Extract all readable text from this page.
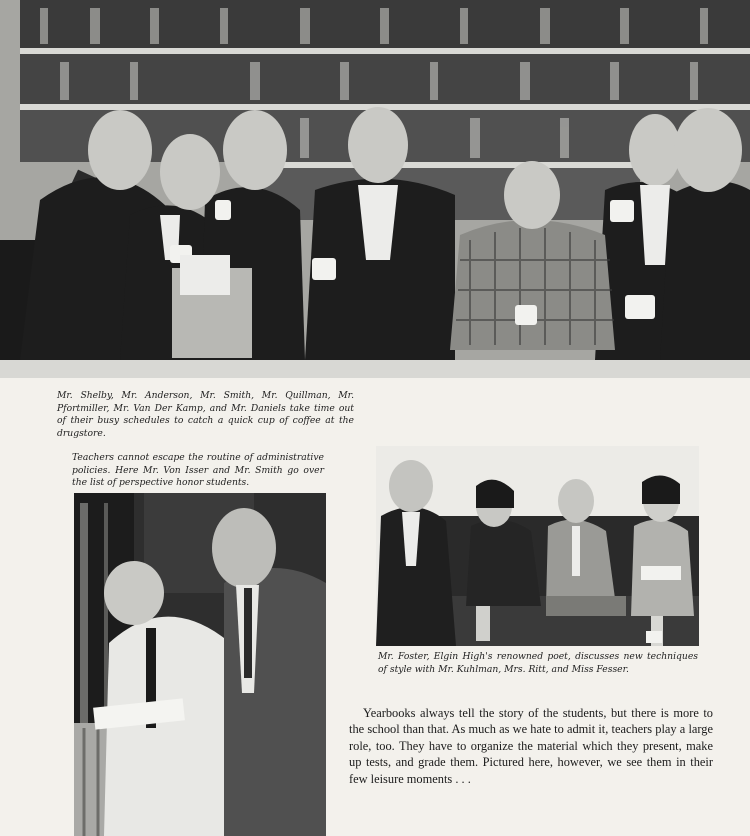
Mr. Shelby, Mr. Anderson, Mr. Smith, Mr. Quillman, Mr. Pfortmiller, Mr. Van Der Kamp, and Mr. Daniels take time out of their busy schedules to catch a quick cup of coffee at the drugstore.
Teachers cannot escape the routine of administrative policies. Here Mr. Von Isser and Mr. Smith go over the list of perspective honor students.
Mr. Foster, Elgin High's renowned poet, discusses new techniques of style with Mr. Kuhlman, Mrs. Ritt, and Miss Fesser.
Yearbooks always tell the story of the students, but there is more to the school than that. As much as we hate to admit it, teachers play a large role, too. They have to organize the material which they present, make up tests, and grade them. Pictured here, however, we see them in their few leisure moments . . .
